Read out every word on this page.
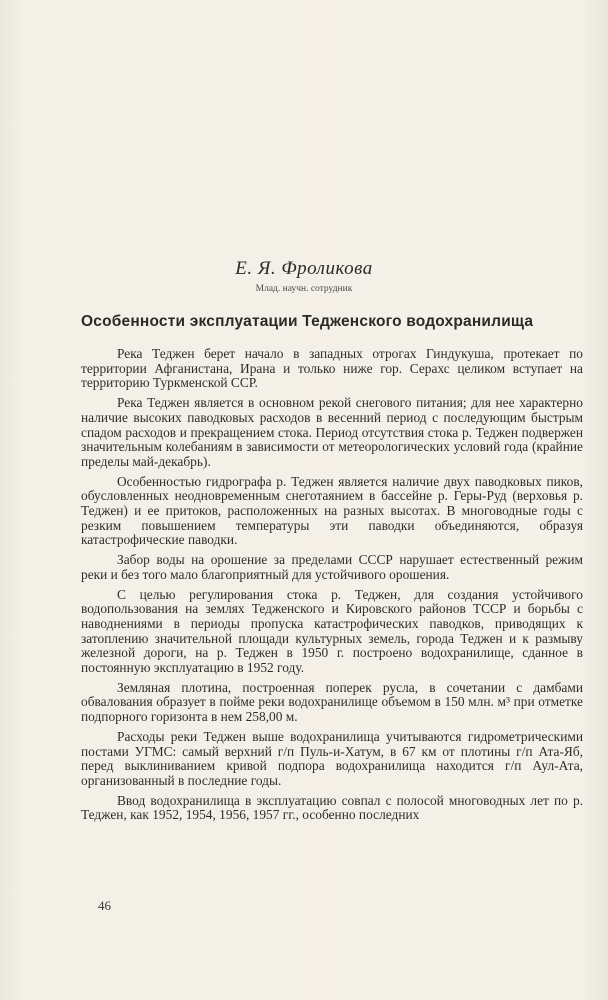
Е. Я. Фроликова
Млад. научн. сотрудник
Особенности эксплуатации Тедженского водохранилища

Река Теджен берет начало в западных отрогах Гиндукуша, протекает по территории Афганистана, Ирана и только ниже гор. Серахс целиком вступает на территорию Туркменской ССР.

Река Теджен является в основном рекой снегового питания; для нее характерно наличие высоких паводковых расходов в весенний период с последующим быстрым спадом расходов и прекращением стока. Период отсутствия стока р. Теджен подвержен значительным колебаниям в зависимости от метеорологических условий года (крайние пределы май-декабрь).

Особенностью гидрографа р. Теджен является наличие двух паводковых пиков, обусловленных неодновременным снеготаянием в бассейне р. Геры-Руд (верховья р. Теджен) и ее притоков, расположенных на разных высотах. В многоводные годы с резким повышением температуры эти паводки объединяются, образуя катастрофические паводки.

Забор воды на орошение за пределами СССР нарушает естественный режим реки и без того мало благоприятный для устойчивого орошения.

С целью регулирования стока р. Теджен, для создания устойчивого водопользования на землях Тедженского и Кировского районов ТССР и борьбы с наводнениями в периоды пропуска катастрофических паводков, приводящих к затоплению значительной площади культурных земель, города Теджен и к размыву железной дороги, на р. Теджен в 1950 г. построено водохранилище, сданное в постоянную эксплуатацию в 1952 году.

Земляная плотина, построенная поперек русла, в сочетании с дамбами обвалования образует в пойме реки водохранилище объемом в 150 млн. м³ при отметке подпорного горизонта в нем 258,00 м.

Расходы реки Теджен выше водохранилища учитываются гидрометрическими постами УГМС: самый верхний г/п Пуль-и-Хатум, в 67 км от плотины г/п Ата-Яб, перед выклиниванием кривой подпора водохранилища находится г/п Аул-Ата, организованный в последние годы.

Ввод водохранилища в эксплуатацию совпал с полосой многоводных лет по р. Теджен, как 1952, 1954, 1956, 1957 гг., особенно последних

46
